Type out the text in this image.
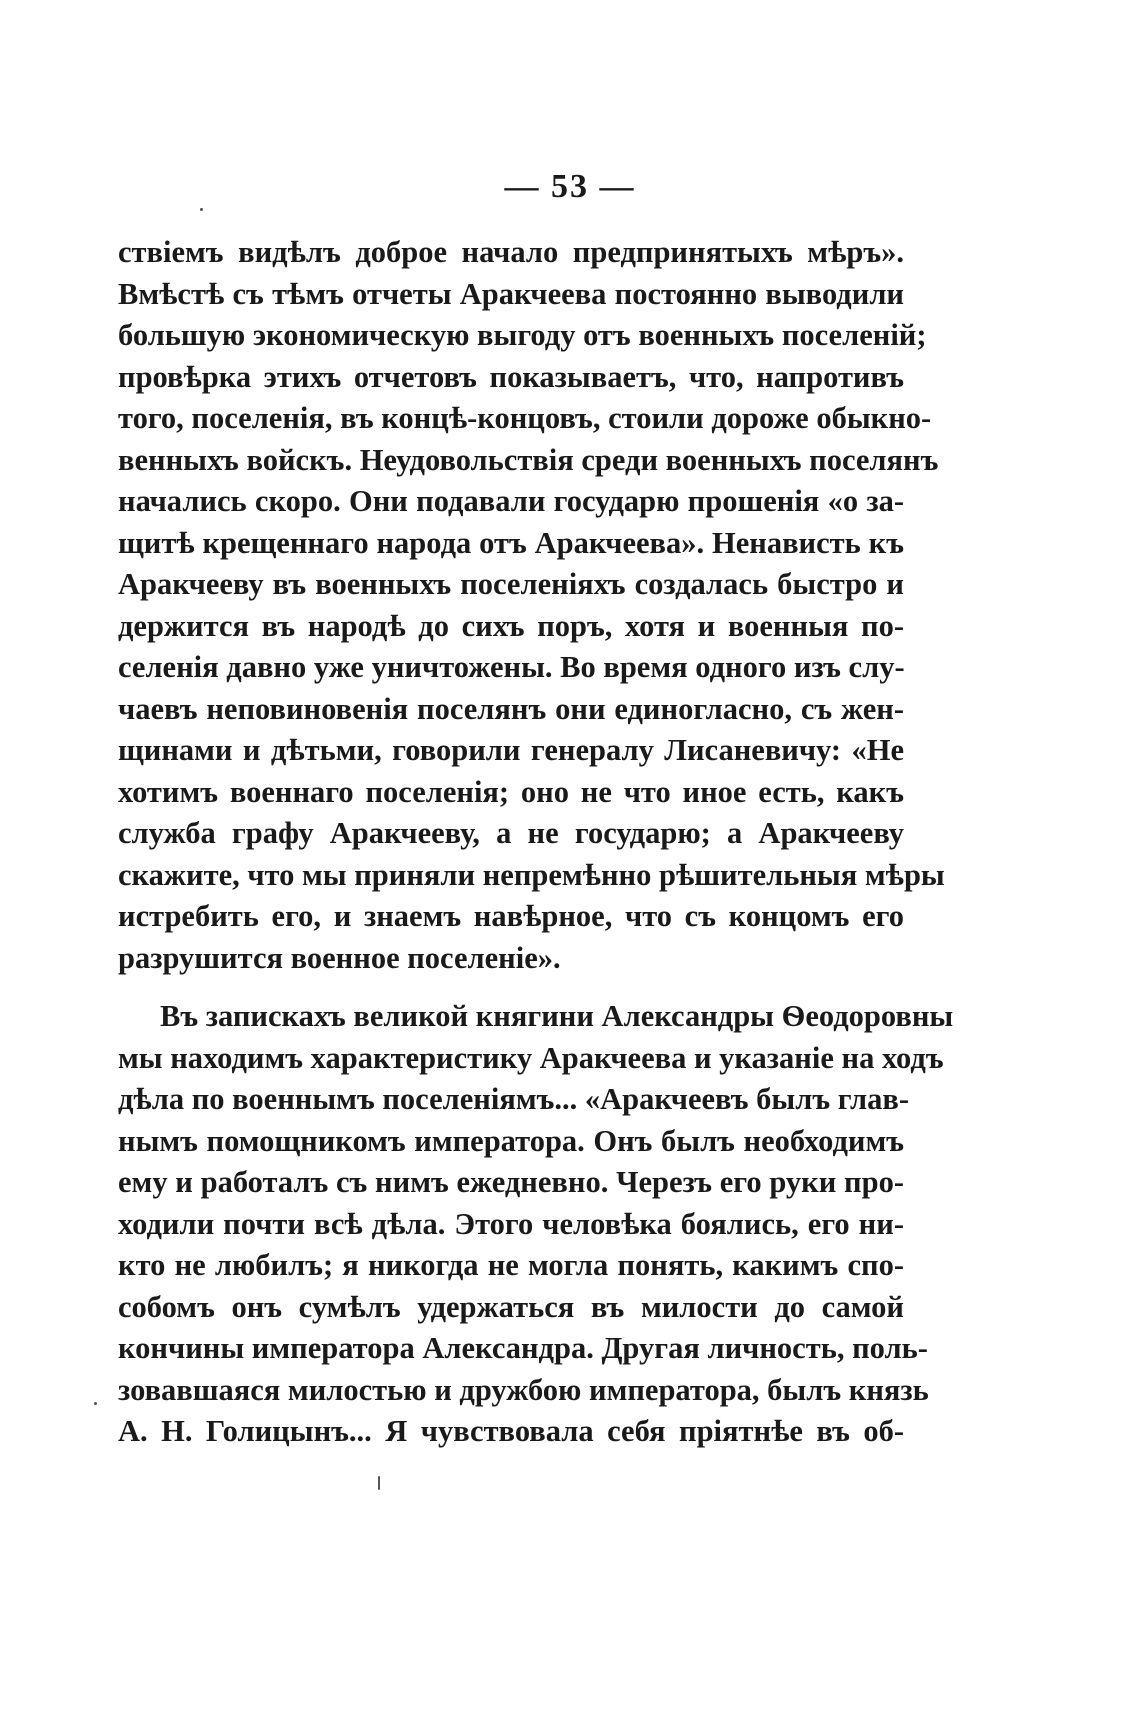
— 53 —
ствіемъ видѣлъ доброе начало предпринятыхъ мѣръ».
Вмѣстѣ съ тѣмъ отчеты Аракчеева постоянно выводили
большую экономическую выгоду отъ военныхъ поселеній;
провѣрка этихъ отчетовъ показываетъ, что, напротивъ
того, поселенія, въ концѣ-концовъ, стоили дороже обыкно-
венныхъ войскъ. Неудовольствія среди военныхъ поселянъ
начались скоро. Они подавали государю прошенія «о за-
щитѣ крещеннаго народа отъ Аракчеева». Ненависть къ
Аракчееву въ военныхъ поселеніяхъ создалась быстро и
держится въ народѣ до сихъ поръ, хотя и военныя по-
селенія давно уже уничтожены. Во время одного изъ слу-
чаевъ неповиновенія поселянъ они единогласно, съ жен-
щинами и дѣтьми, говорили генералу Лисаневичу: «Не
хотимъ военнаго поселенія; оно не что иное есть, какъ
служба графу Аракчееву, а не государю; а Аракчееву
скажите, что мы приняли непремѣнно рѣшительныя мѣры
истребить его, и знаемъ навѣрное, что съ концомъ его
разрушится военное поселеніе».
Въ запискахъ великой княгини Александры Ѳеодоровны
мы находимъ характеристику Аракчеева и указаніе на ходъ
дѣла по военнымъ поселеніямъ... «Аракчеевъ былъ глав-
нымъ помощникомъ императора. Онъ былъ необходимъ
ему и работалъ съ нимъ ежедневно. Черезъ его руки про-
ходили почти всѣ дѣла. Этого человѣка боялись, его ни-
кто не любилъ; я никогда не могла понять, какимъ спо-
собомъ онъ сумѣлъ удержаться въ милости до самой
кончины императора Александра. Другая личность, поль-
зовавшаяся милостью и дружбою императора, былъ князь
А. Н. Голицынъ... Я чувствовала себя пріятнѣе въ об-
